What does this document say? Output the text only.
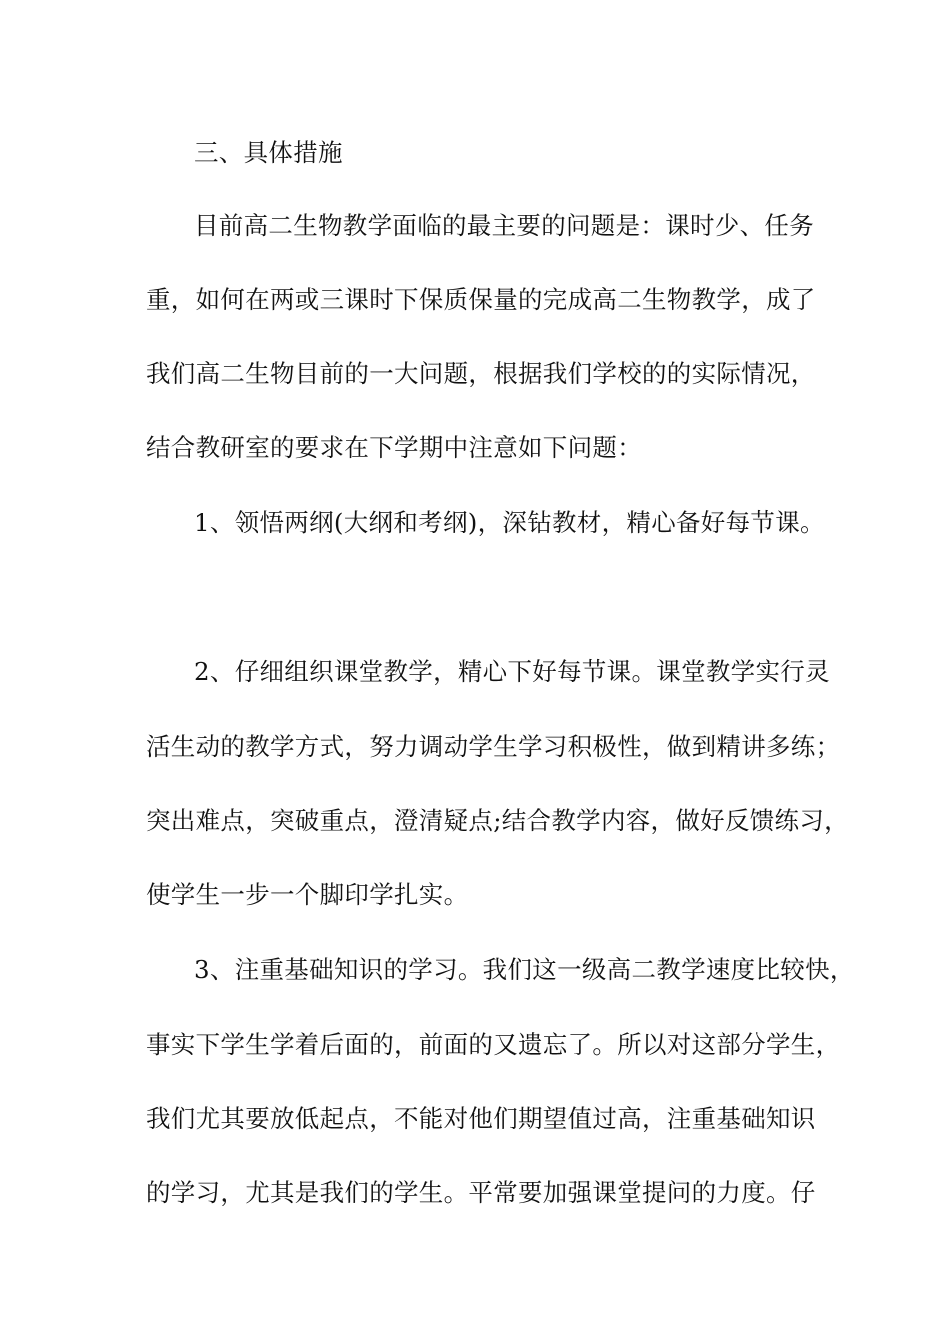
三、具体措施
目前高二生物教学面临的最主要的问题是：课时少、任务
重，如何在两或三课时下保质保量的完成高二生物教学，成了
我们高二生物目前的一大问题，根据我们学校的的实际情况，
结合教研室的要求在下学期中注意如下问题：
1、领悟两纲(大纲和考纲)，深钻教材，精心备好每节课。
2、仔细组织课堂教学，精心下好每节课。课堂教学实行灵
活生动的教学方式，努力调动学生学习积极性，做到精讲多练；
突出难点，突破重点，澄清疑点;结合教学内容，做好反馈练习，
使学生一步一个脚印学扎实。
3、注重基础知识的学习。我们这一级高二教学速度比较快，
事实下学生学着后面的，前面的又遗忘了。所以对这部分学生，
我们尤其要放低起点，不能对他们期望值过高，注重基础知识
的学习，尤其是我们的学生。平常要加强课堂提问的力度。仔
